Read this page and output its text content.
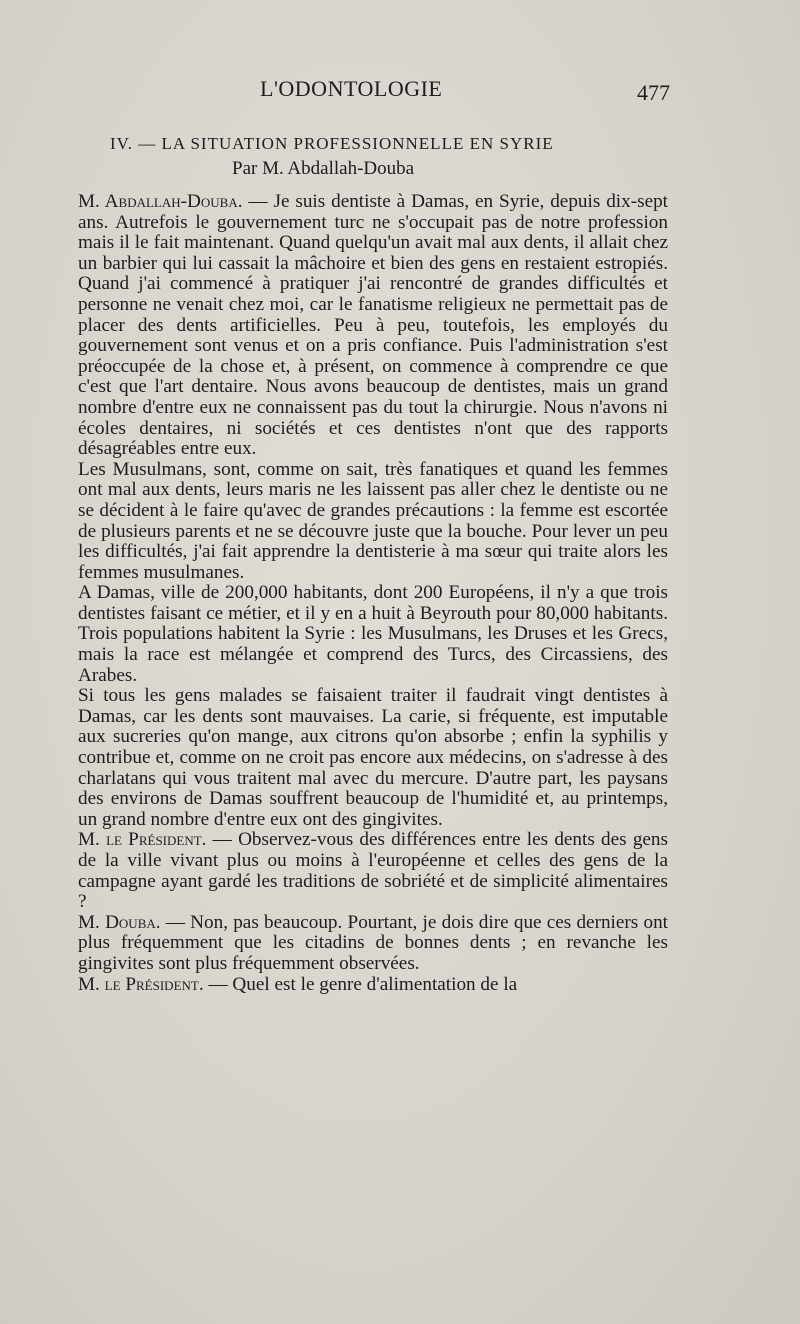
L'ODONTOLOGIE	477
IV. — LA SITUATION PROFESSIONNELLE EN SYRIE
Par M. Abdallah-Douba

M. Abdallah-Douba. — Je suis dentiste à Damas, en Syrie, depuis dix-sept ans. Autrefois le gouvernement turc ne s'occupait pas de notre profession mais il le fait maintenant. Quand quelqu'un avait mal aux dents, il allait chez un barbier qui lui cassait la mâchoire et bien des gens en restaient estropiés. Quand j'ai commencé à pratiquer j'ai rencontré de grandes difficultés et personne ne venait chez moi, car le fanatisme religieux ne permettait pas de placer des dents artificielles. Peu à peu, toutefois, les employés du gouvernement sont venus et on a pris confiance. Puis l'administration s'est préoccupée de la chose et, à présent, on commence à comprendre ce que c'est que l'art dentaire. Nous avons beaucoup de dentistes, mais un grand nombre d'entre eux ne connaissent pas du tout la chirurgie. Nous n'avons ni écoles dentaires, ni sociétés et ces dentistes n'ont que des rapports désagréables entre eux.

Les Musulmans, sont, comme on sait, très fanatiques et quand les femmes ont mal aux dents, leurs maris ne les laissent pas aller chez le dentiste ou ne se décident à le faire qu'avec de grandes précautions : la femme est escortée de plusieurs parents et ne se découvre juste que la bouche. Pour lever un peu les difficultés, j'ai fait apprendre la dentisterie à ma sœur qui traite alors les femmes musulmanes.

A Damas, ville de 200,000 habitants, dont 200 Européens, il n'y a que trois dentistes faisant ce métier, et il y en a huit à Beyrouth pour 80,000 habitants. Trois populations habitent la Syrie : les Musulmans, les Druses et les Grecs, mais la race est mélangée et comprend des Turcs, des Circassiens, des Arabes.

Si tous les gens malades se faisaient traiter il faudrait vingt dentistes à Damas, car les dents sont mauvaises. La carie, si fréquente, est imputable aux sucreries qu'on mange, aux citrons qu'on absorbe ; enfin la syphilis y contribue et, comme on ne croit pas encore aux médecins, on s'adresse à des charlatans qui vous traitent mal avec du mercure. D'autre part, les paysans des environs de Damas souffrent beaucoup de l'humidité et, au printemps, un grand nombre d'entre eux ont des gingivites.

M. le Président. — Observez-vous des différences entre les dents des gens de la ville vivant plus ou moins à l'européenne et celles des gens de la campagne ayant gardé les traditions de sobriété et de simplicité alimentaires ?

M. Douba. — Non, pas beaucoup. Pourtant, je dois dire que ces derniers ont plus fréquemment que les citadins de bonnes dents ; en revanche les gingivites sont plus fréquemment observées.

M. le Président. — Quel est le genre d'alimentation de la
